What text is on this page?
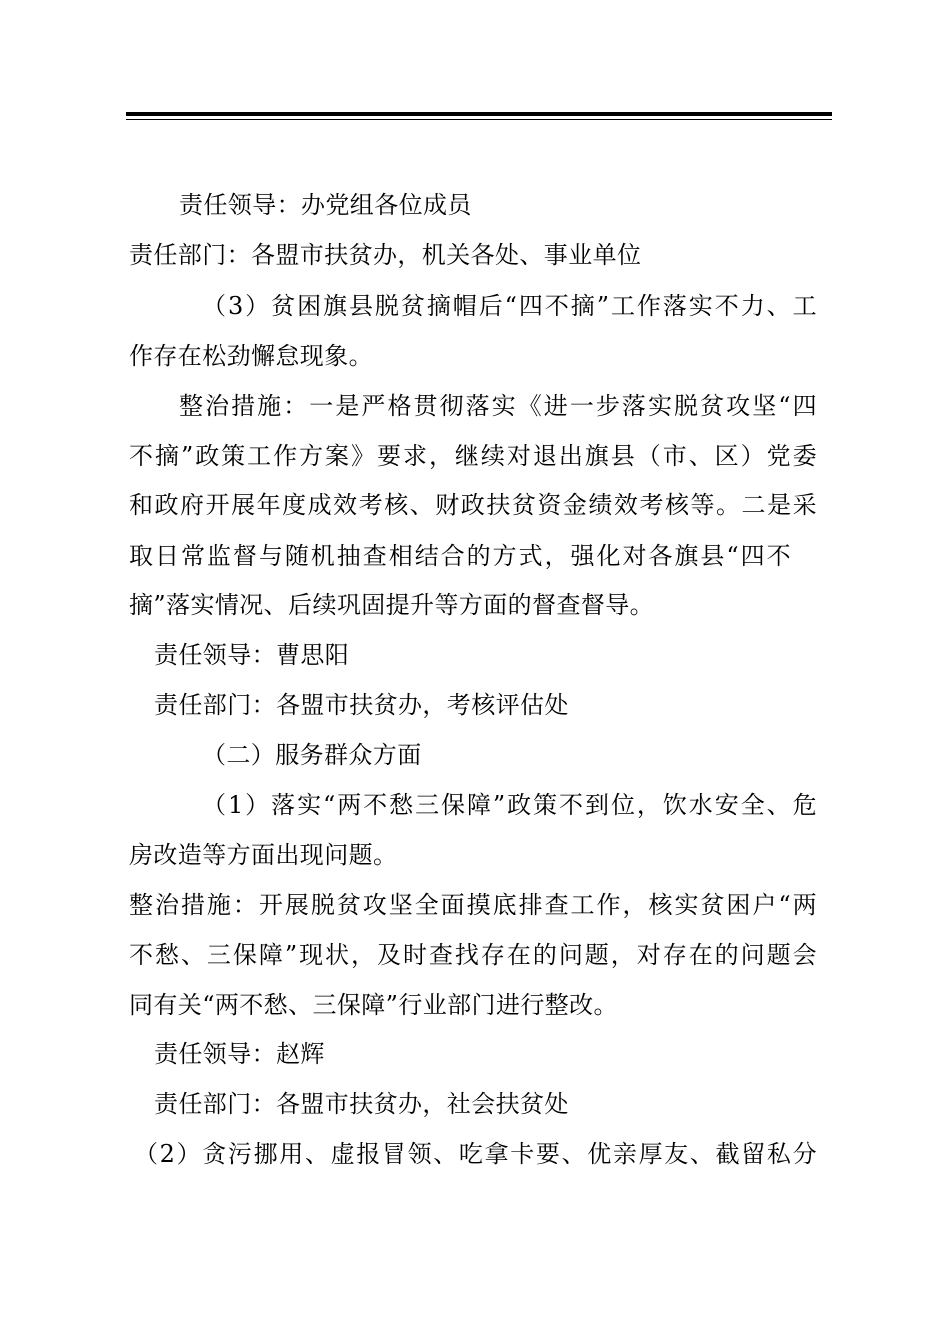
责任领导：办党组各位成员
责任部门：各盟市扶贫办，机关各处、事业单位
（3）贫困旗县脱贫摘帽后“四不摘”工作落实不力、工
作存在松劲懈怠现象。
整治措施：一是严格贯彻落实《进一步落实脱贫攻坚“四
不摘”政策工作方案》要求，继续对退出旗县（市、区）党委
和政府开展年度成效考核、财政扶贫资金绩效考核等。二是采
取日常监督与随机抽查相结合的方式，强化对各旗县“四不
摘”落实情况、后续巩固提升等方面的督查督导。
责任领导：曹思阳
责任部门：各盟市扶贫办，考核评估处
（二）服务群众方面
（1）落实“两不愁三保障”政策不到位，饮水安全、危
房改造等方面出现问题。
整治措施：开展脱贫攻坚全面摸底排查工作，核实贫困户“两
不愁、三保障”现状，及时查找存在的问题，对存在的问题会
同有关“两不愁、三保障”行业部门进行整改。
责任领导：赵辉
责任部门：各盟市扶贫办，社会扶贫处
（2）贪污挪用、虚报冒领、吃拿卡要、优亲厚友、截留私分
